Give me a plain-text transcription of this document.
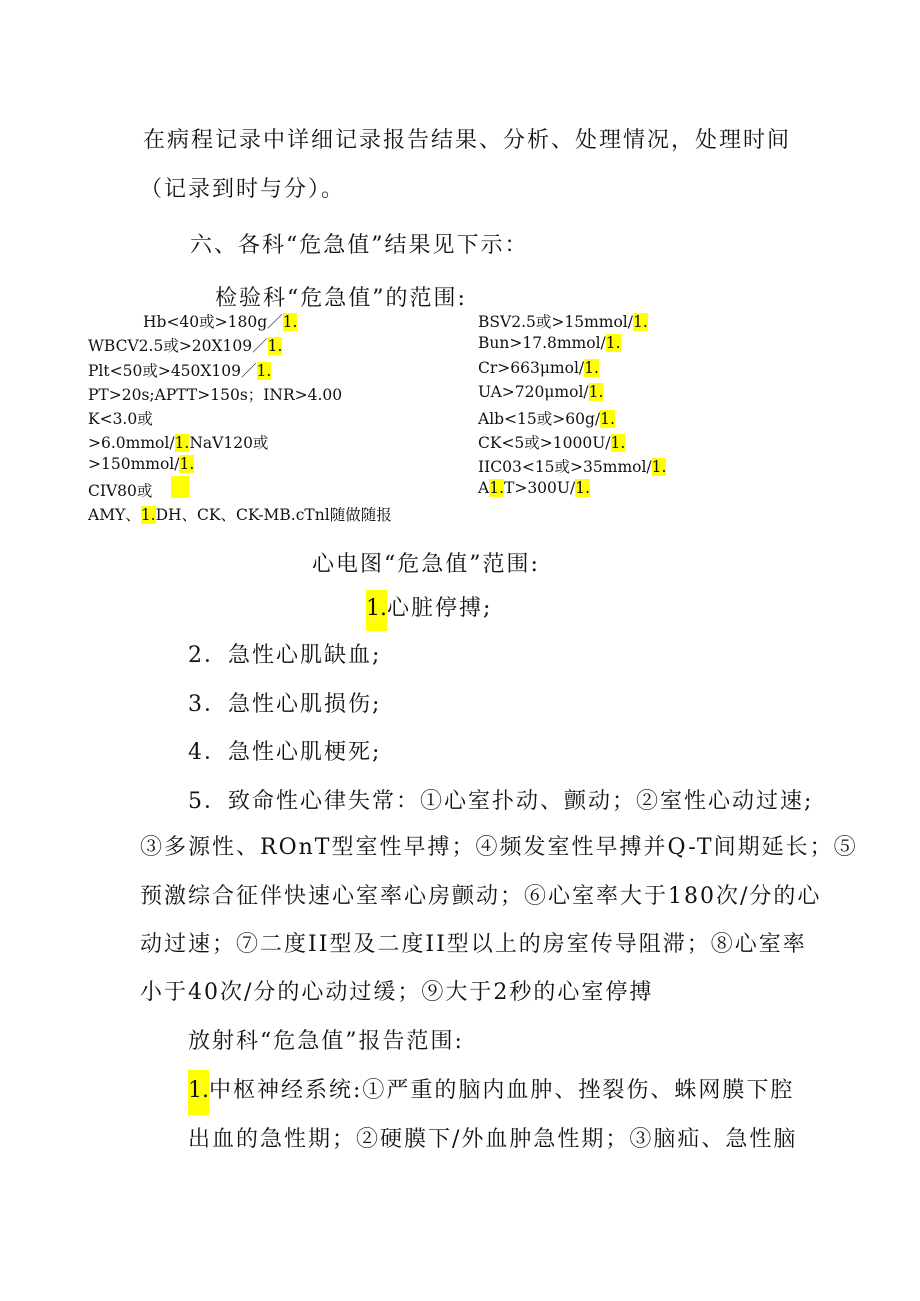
在病程记录中详细记录报告结果、分析、处理情况，处理时间
（记录到时与分）。
六、各科“危急值”结果见下示：
检验科“危急值”的范围:
Hb<40或>180g／1.
WBCV2.5或>20X109／1.
Plt<50或>450X109／1.
PT>20s;APTT>150s；INR>4.00
K<3.0或
>6.0mmol/1.NaV120或
>150mmol/1.
CIV80或
AMY、1.DH、CK、CK-MB.cTnl随做随报
BSV2.5或>15mmol/1.
Bun>17.8mmol/1.
Cr>663μmol/1.
UA>720μmol/1.
Alb<15或>60g/1.
CK<5或>1000U/1.
IIC03<15或>35mmol/1.
A1.T>300U/1.
心电图“危急值”范围:
1.心脏停搏;
2．急性心肌缺血;
3．急性心肌损伤;
4．急性心肌梗死;
5．致命性心律失常：①心室扑动、颤动；②室性心动过速;
③多源性、ROnT型室性早搏；④频发室性早搏并Q-T间期延长；⑤
预激综合征伴快速心室率心房颤动；⑥心室率大于180次/分的心
动过速；⑦二度II型及二度II型以上的房室传导阻滞；⑧心室率
小于40次/分的心动过缓；⑨大于2秒的心室停搏
放射科“危急值”报告范围:
1.中枢神经系统:①严重的脑内血肿、挫裂伤、蛛网膜下腔
出血的急性期；②硬膜下/外血肿急性期；③脑疝、急性脑
